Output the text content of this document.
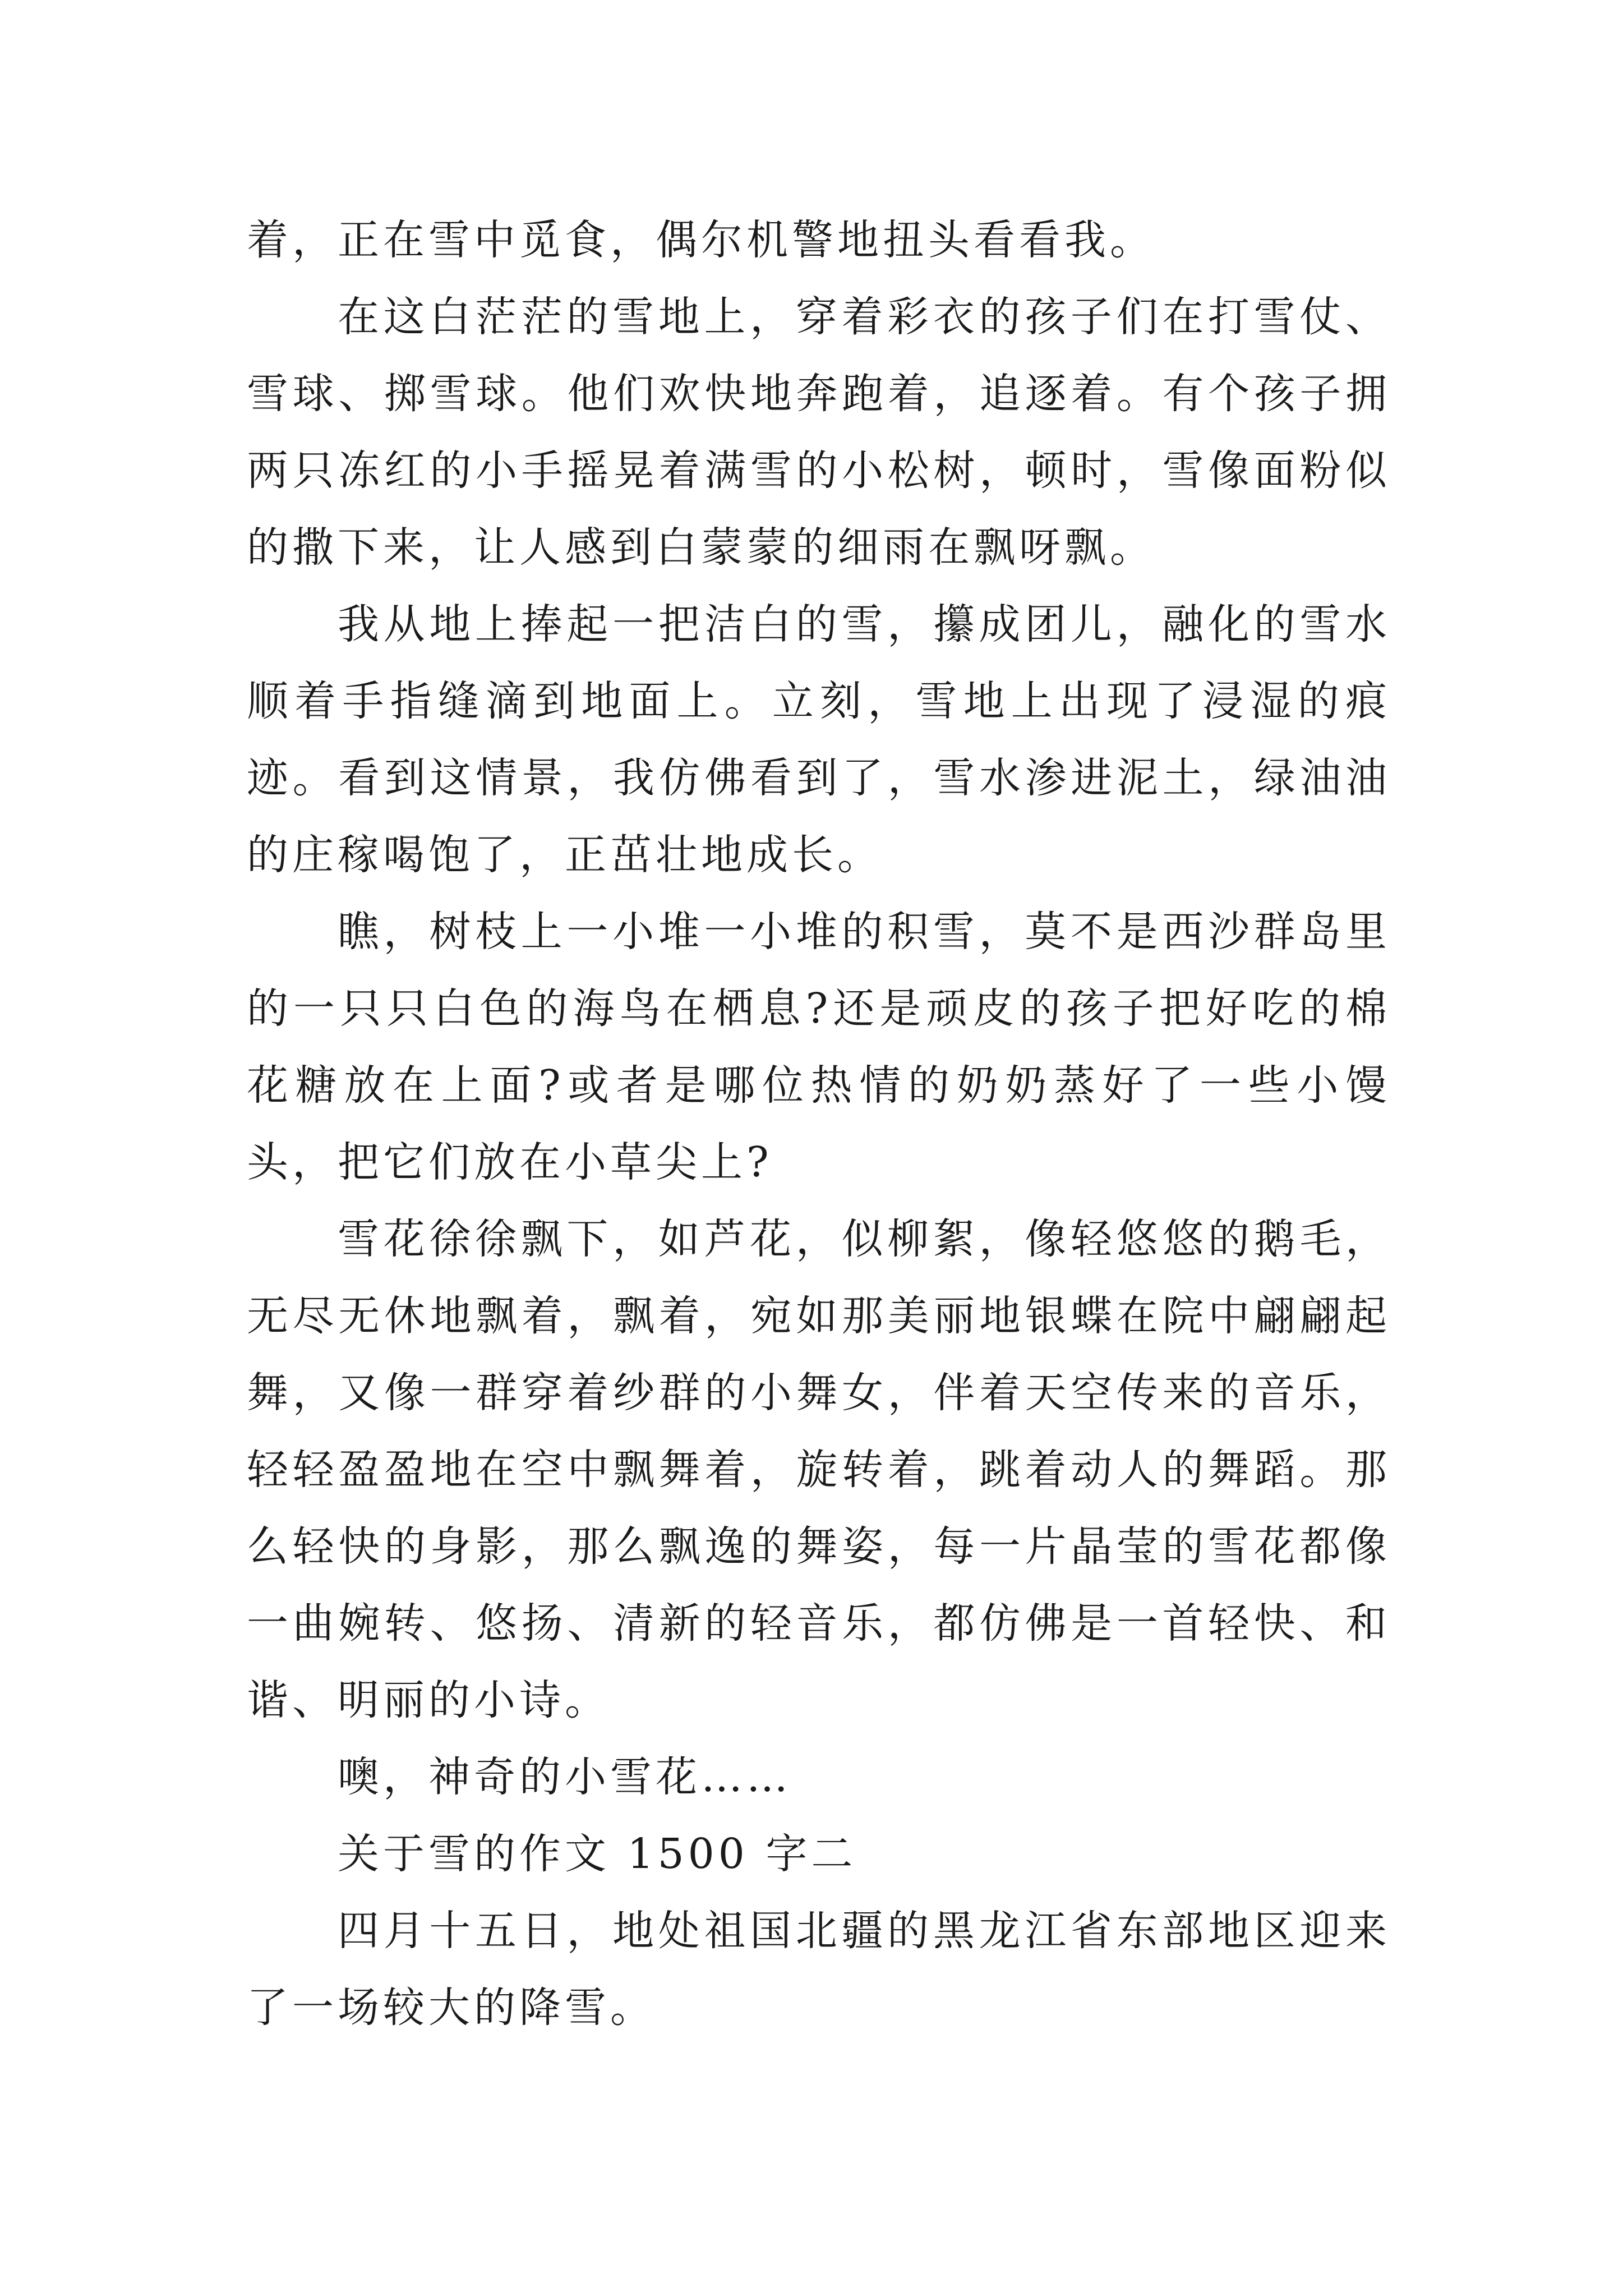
着，正在雪中觅食，偶尔机警地扭头看看我。

在这白茫茫的雪地上，穿着彩衣的孩子们在打雪仗、雪球、掷雪球。他们欢快地奔跑着，追逐着。有个孩子拥两只冻红的小手摇晃着满雪的小松树，顿时，雪像面粉似的撒下来，让人感到白蒙蒙的细雨在飘呀飘。

我从地上捧起一把洁白的雪，攥成团儿，融化的雪水顺着手指缝滴到地面上。立刻，雪地上出现了浸湿的痕迹。看到这情景，我仿佛看到了，雪水渗进泥土，绿油油的庄稼喝饱了，正茁壮地成长。

瞧，树枝上一小堆一小堆的积雪，莫不是西沙群岛里的一只只白色的海鸟在栖息?还是顽皮的孩子把好吃的棉花糖放在上面?或者是哪位热情的奶奶蒸好了一些小馒头，把它们放在小草尖上?

雪花徐徐飘下，如芦花，似柳絮，像轻悠悠的鹅毛，无尽无休地飘着，飘着，宛如那美丽地银蝶在院中翩翩起舞，又像一群穿着纱群的小舞女，伴着天空传来的音乐，轻轻盈盈地在空中飘舞着，旋转着，跳着动人的舞蹈。那么轻快的身影，那么飘逸的舞姿，每一片晶莹的雪花都像一曲婉转、悠扬、清新的轻音乐，都仿佛是一首轻快、和谐、明丽的小诗。

噢，神奇的小雪花……

关于雪的作文 1500 字二

四月十五日，地处祖国北疆的黑龙江省东部地区迎来了一场较大的降雪。
